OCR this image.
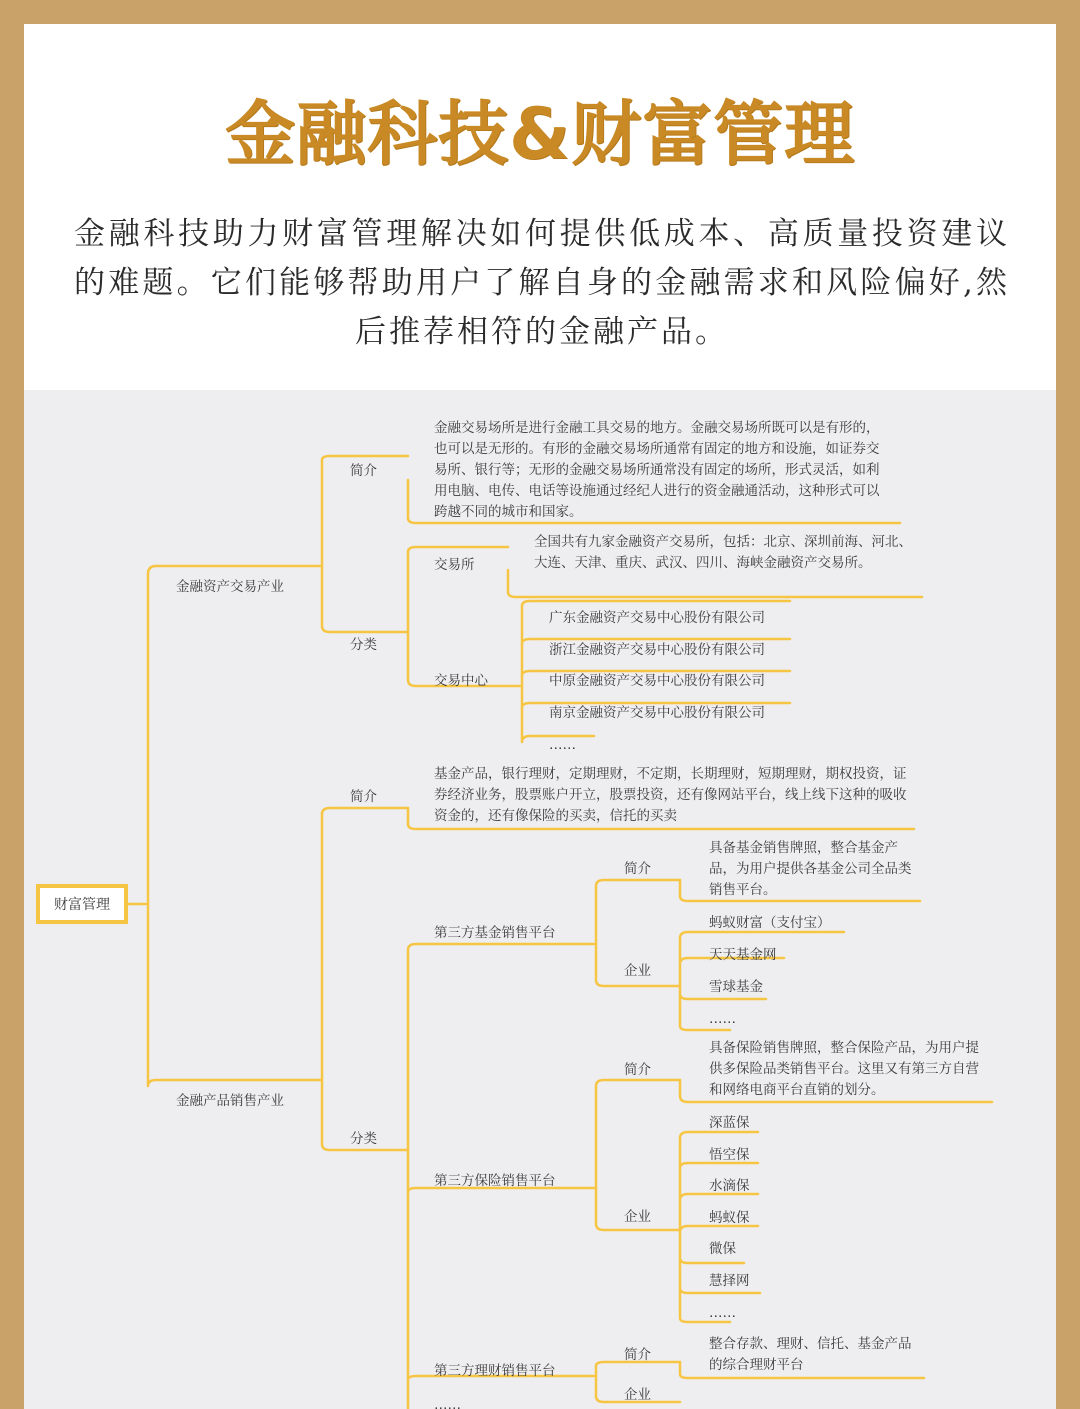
金融科技&财富管理
金融科技助力财富管理解决如何提供低成本、高质量投资建议的难题。它们能够帮助用户了解自身的金融需求和风险偏好,然后推荐相符的金融产品。
财富管理
金融资产交易产业
简介
金融交易场所是进行金融工具交易的地方。金融交易场所既可以是有形的，也可以是无形的。有形的金融交易场所通常有固定的地方和设施，如证券交易所、银行等；无形的金融交易场所通常没有固定的场所，形式灵活，如利用电脑、电传、电话等设施通过经纪人进行的资金融通活动，这种形式可以跨越不同的城市和国家。
分类
交易所
全国共有九家金融资产交易所，包括：北京、深圳前海、河北、大连、天津、重庆、武汉、四川、海峡金融资产交易所。
交易中心
广东金融资产交易中心股份有限公司
浙江金融资产交易中心股份有限公司
中原金融资产交易中心股份有限公司
南京金融资产交易中心股份有限公司
……
金融产品销售产业
简介
基金产品，银行理财，定期理财，不定期，长期理财，短期理财，期权投资，证券经济业务，股票账户开立，股票投资，还有像网站平台，线上线下这种的吸收资金的，还有像保险的买卖，信托的买卖
分类
第三方基金销售平台
简介
具备基金销售牌照，整合基金产品，为用户提供各基金公司全品类销售平台。
企业
蚂蚁财富（支付宝）
天天基金网
雪球基金
……
第三方保险销售平台
简介
具备保险销售牌照，整合保险产品，为用户提供多保险品类销售平台。这里又有第三方自营和网络电商平台直销的划分。
企业
深蓝保
悟空保
水滴保
蚂蚁保
微保
慧择网
……
第三方理财销售平台
简介
整合存款、理财、信托、基金产品的综合理财平台
企业
……
